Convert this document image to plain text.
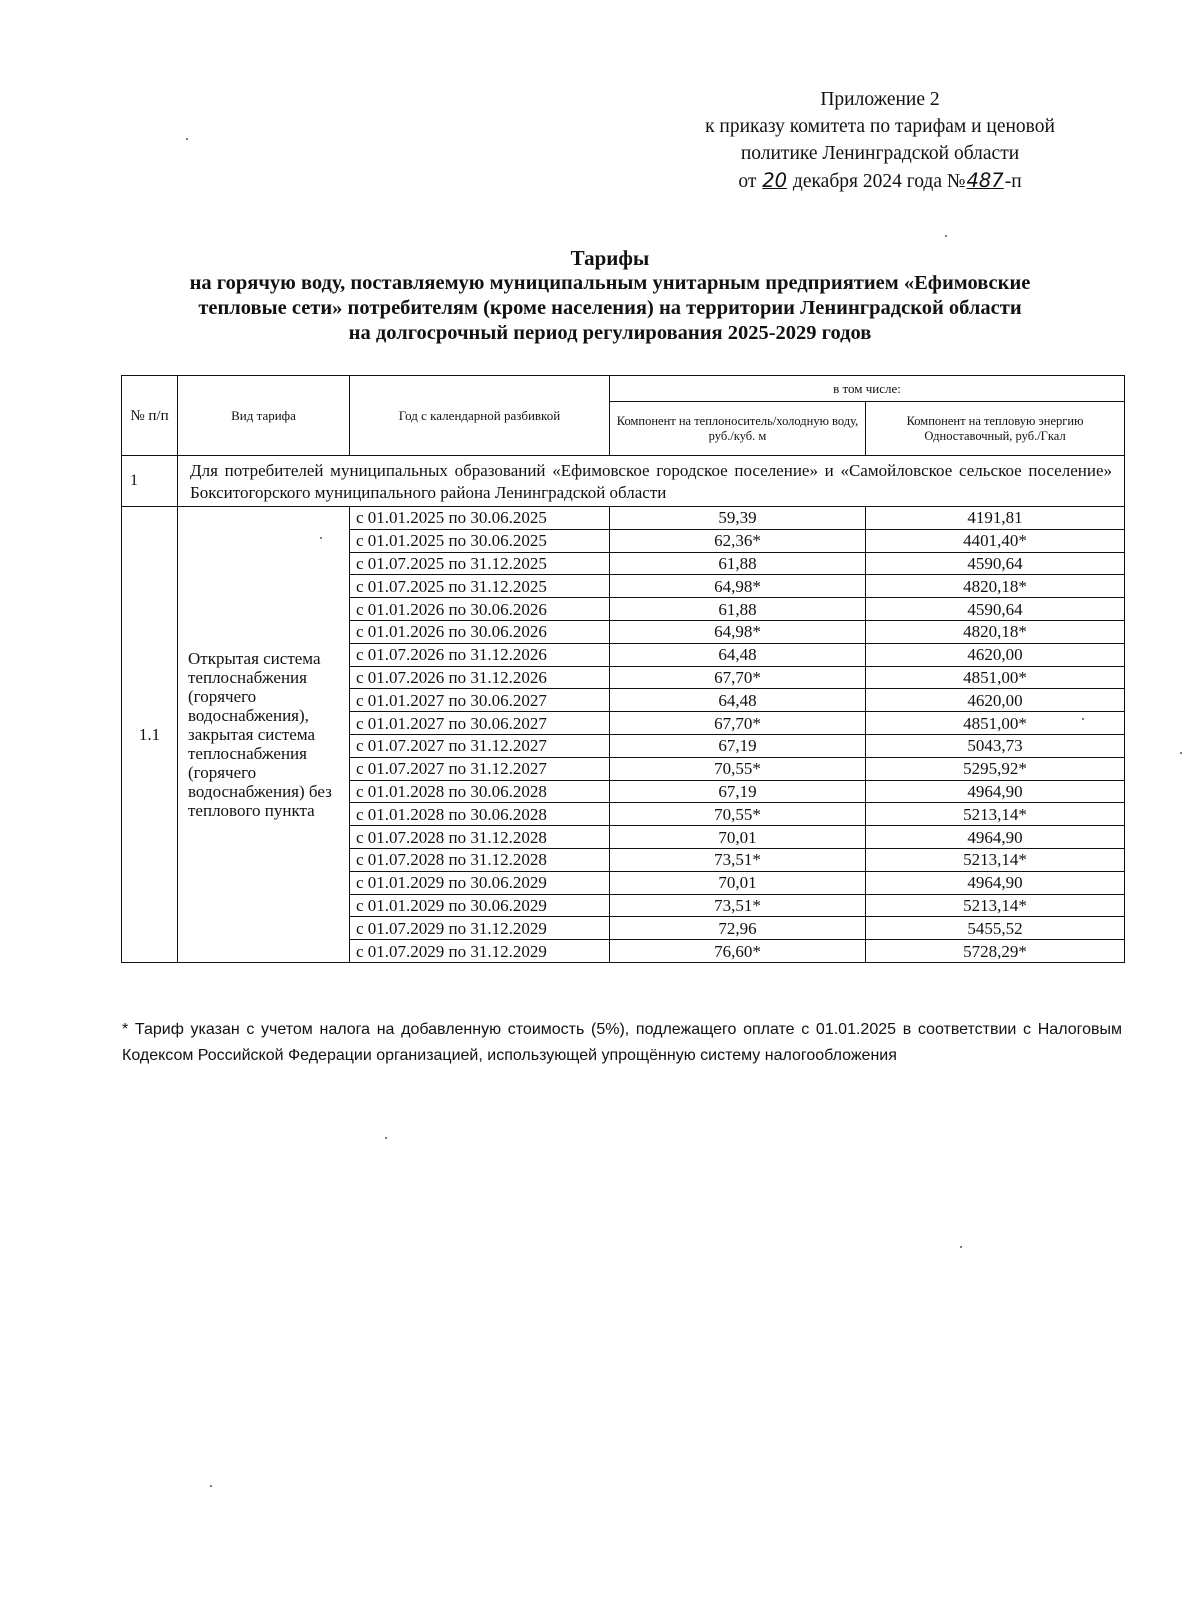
Приложение 2
к приказу комитета по тарифам и ценовой
политике Ленинградской области
от 20 декабря 2024 года №487-п
Тарифы
на горячую воду, поставляемую муниципальным унитарным предприятием «Ефимовские
тепловые сети» потребителям (кроме населения) на территории Ленинградской области
на долгосрочный период регулирования 2025-2029 годов
№ п/п	Вид тарифа	Год с календарной разбивкой	в том числе:	
			Компонент на теплоноситель/холодную воду, руб./куб. м	Компонент на тепловую энергию Одноставочный, руб./Гкал
1	Для потребителей муниципальных образований «Ефимовское городское поселение» и «Самойловское сельское поселение» Бокситогорского муниципального района Ленинградской области			
1.1	Открытая система теплоснабжения (горячего водоснабжения), закрытая система теплоснабжения (горячего водоснабжения) без теплового пункта	с 01.01.2025 по 30.06.2025	59,39	4191,81
		с 01.01.2025 по 30.06.2025	62,36*	4401,40*
		с 01.07.2025 по 31.12.2025	61,88	4590,64
		с 01.07.2025 по 31.12.2025	64,98*	4820,18*
		с 01.01.2026 по 30.06.2026	61,88	4590,64
		с 01.01.2026 по 30.06.2026	64,98*	4820,18*
		с 01.07.2026 по 31.12.2026	64,48	4620,00
		с 01.07.2026 по 31.12.2026	67,70*	4851,00*
		с 01.01.2027 по 30.06.2027	64,48	4620,00
		с 01.01.2027 по 30.06.2027	67,70*	4851,00*
		с 01.07.2027 по 31.12.2027	67,19	5043,73
		с 01.07.2027 по 31.12.2027	70,55*	5295,92*
		с 01.01.2028 по 30.06.2028	67,19	4964,90
		с 01.01.2028 по 30.06.2028	70,55*	5213,14*
		с 01.07.2028 по 31.12.2028	70,01	4964,90
		с 01.07.2028 по 31.12.2028	73,51*	5213,14*
		с 01.01.2029 по 30.06.2029	70,01	4964,90
		с 01.01.2029 по 30.06.2029	73,51*	5213,14*
		с 01.07.2029 по 31.12.2029	72,96	5455,52
		с 01.07.2029 по 31.12.2029	76,60*	5728,29*
* Тариф указан с учетом налога на добавленную стоимость (5%), подлежащего оплате с 01.01.2025 в соответствии с Налоговым Кодексом Российской Федерации организацией, использующей упрощённую систему налогообложения
